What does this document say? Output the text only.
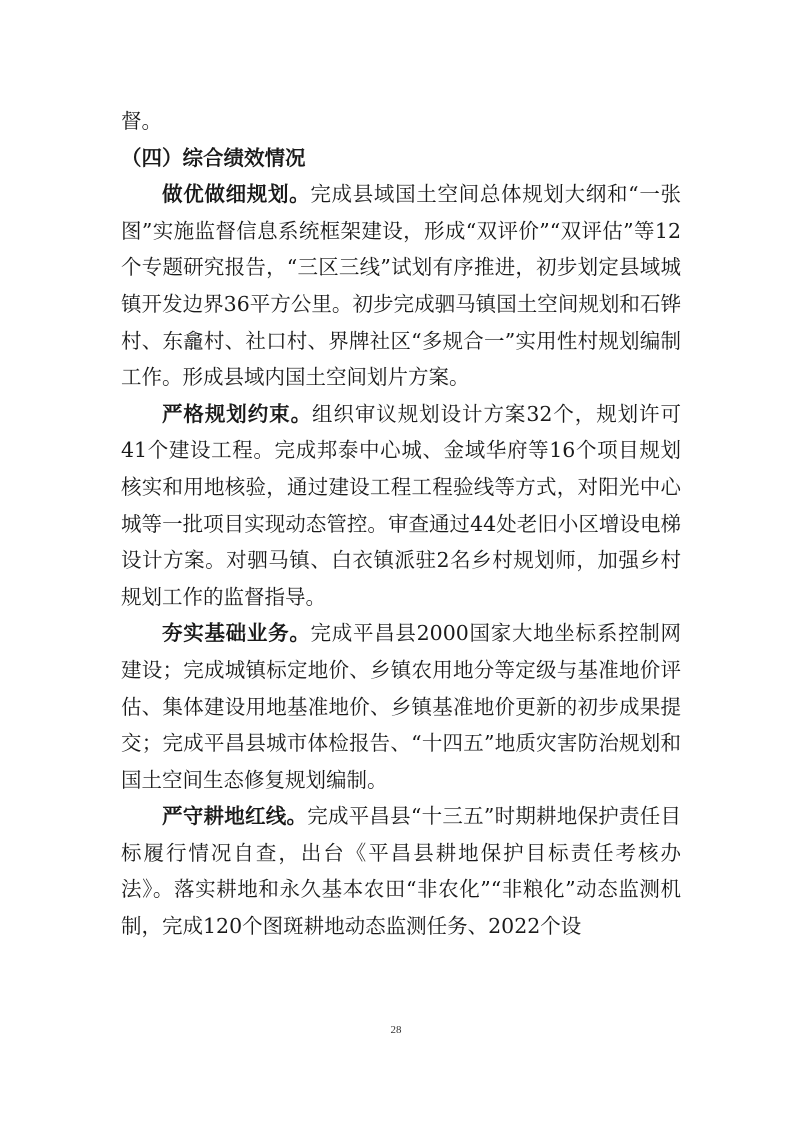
督。

（四）综合绩效情况

做优做细规划。完成县域国土空间总体规划大纲和“一张图”实施监督信息系统框架建设，形成“双评价”“双评估”等12个专题研究报告，“三区三线”试划有序推进，初步划定县域城镇开发边界36平方公里。初步完成驷马镇国土空间规划和石铧村、东龕村、社口村、界牌社区“多规合一”实用性村规划编制工作。形成县域内国土空间划片方案。

严格规划约束。组织审议规划设计方案32个，规划许可41个建设工程。完成邦泰中心城、金域华府等16个项目规划核实和用地核验，通过建设工程工程验线等方式，对阳光中心城等一批项目实现动态管控。审查通过44处老旧小区增设电梯设计方案。对驷马镇、白衣镇派驻2名乡村规划师，加强乡村规划工作的监督指导。

夯实基础业务。完成平昌县2000国家大地坐标系控制网建设；完成城镇标定地价、乡镇农用地分等定级与基准地价评估、集体建设用地基准地价、乡镇基准地价更新的初步成果提交；完成平昌县城市体检报告、“十四五”地质灾害防治规划和国土空间生态修复规划编制。

严守耕地红线。完成平昌县“十三五”时期耕地保护责任目标履行情况自查，出台《平昌县耕地保护目标责任考核办法》。落实耕地和永久基本农田“非农化”“非粮化”动态监测机制，完成120个图斑耕地动态监测任务、2022个设

28
